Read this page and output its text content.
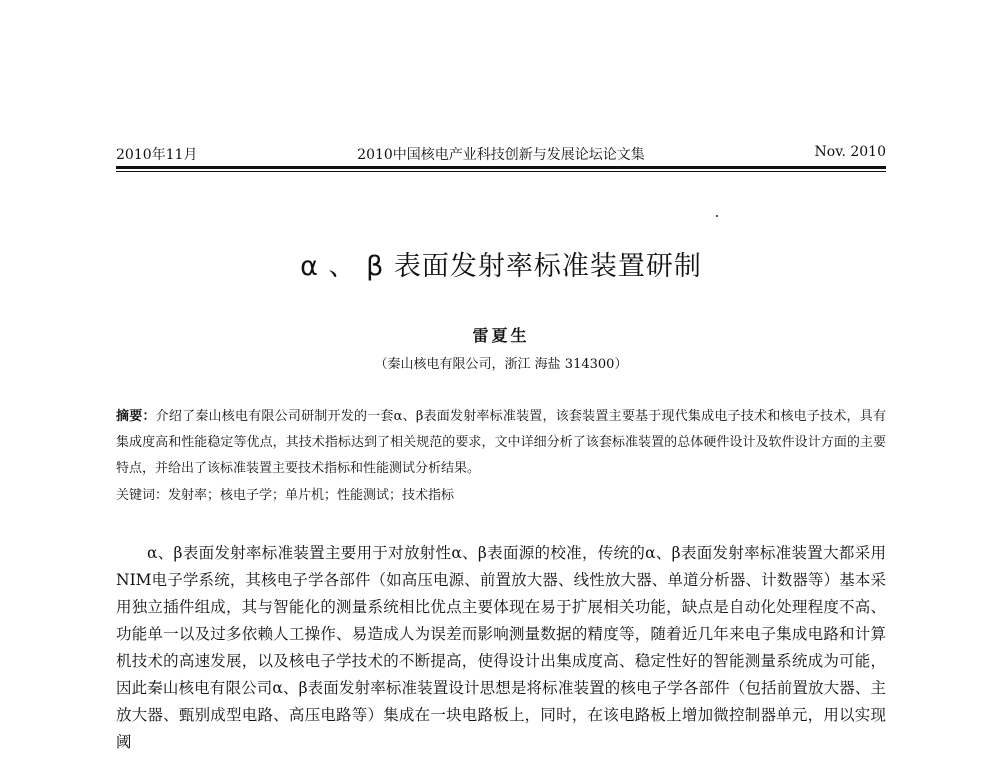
2010年11月	2010中国核电产业科技创新与发展论坛论文集	Nov. 2010
α 、 β 表面发射率标准装置研制
雷夏生
（秦山核电有限公司，浙江 海盐 314300）
摘要：介绍了秦山核电有限公司研制开发的一套α、β表面发射率标准装置，该套装置主要基于现代集成电子技术和核电子技术，具有集成度高和性能稳定等优点，其技术指标达到了相关规范的要求，文中详细分析了该套标准装置的总体硬件设计及软件设计方面的主要特点，并给出了该标准装置主要技术指标和性能测试分析结果。
关键词：发射率；核电子学；单片机；性能测试；技术指标
α、β表面发射率标准装置主要用于对放射性α、β表面源的校准，传统的α、β表面发射率标准装置大都采用NIM电子学系统，其核电子学各部件（如高压电源、前置放大器、线性放大器、单道分析器、计数器等）基本采用独立插件组成，其与智能化的测量系统相比优点主要体现在易于扩展相关功能，缺点是自动化处理程度不高、功能单一以及过多依赖人工操作、易造成人为误差而影响测量数据的精度等，随着近几年来电子集成电路和计算机技术的高速发展，以及核电子学技术的不断提高，使得设计出集成度高、稳定性好的智能测量系统成为可能，因此秦山核电有限公司α、β表面发射率标准装置设计思想是将标准装置的核电子学各部件（包括前置放大器、主放大器、甄别成型电路、高压电路等）集成在一块电路板上，同时，在该电路板上增加微控制器单元，用以实现阈
